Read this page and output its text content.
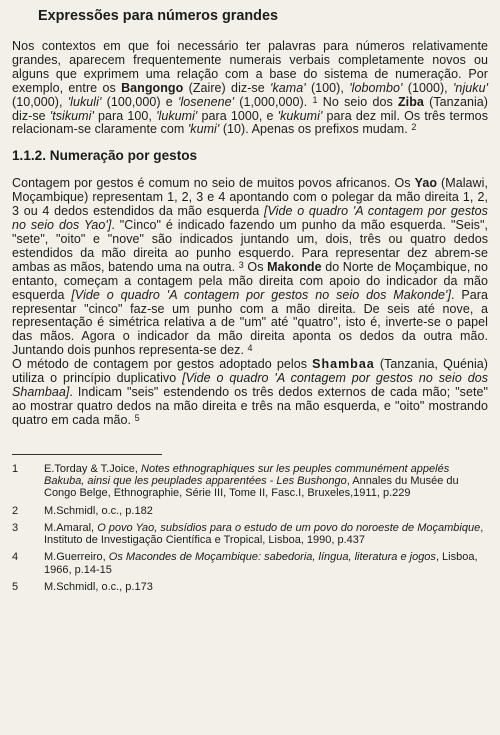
Expressões para números grandes

Nos contextos em que foi necessário ter palavras para números relativamente grandes, aparecem frequentemente numerais verbais completamente novos ou alguns que exprimem uma relação com a base do sistema de numeração. Por exemplo, entre os Bangongo (Zaire) diz-se 'kama' (100), 'lobombo' (1000), 'njuku' (10,000), 'lukuli' (100,000) e 'losenene' (1,000,000). $^1$ No seio dos Ziba (Tanzania) diz-se 'tsikumi' para 100, 'lukumi' para 1000, e 'kukumi' para dez mil. Os três termos relacionam-se claramente com 'kumi' (10). Apenas os prefixos mudam. $^2$

1.1.2. Numeração por gestos

Contagem por gestos é comum no seio de muitos povos africanos. Os Yao (Malawi, Moçambique) representam 1, 2, 3 e 4 apontando com o polegar da mão direita 1, 2, 3 ou 4 dedos estendidos da mão esquerda [Vide o quadro 'A contagem por gestos no seio dos Yao']. "Cinco" é indicado fazendo um punho da mão esquerda. "Seis", "sete", "oito" e "nove" são indicados juntando um, dois, três ou quatro dedos estendidos da mão direita ao punho esquerdo. Para representar dez abrem-se ambas as mãos, batendo uma na outra. $^3$ Os Makonde do Norte de Moçambique, no entanto, começam a contagem pela mão direita com apoio do indicador da mão esquerda [Vide o quadro 'A contagem por gestos no seio dos Makonde']. Para representar "cinco" faz-se um punho com a mão direita. De seis até nove, a representação é simétrica relativa a de "um" até "quatro", isto é, inverte-se o papel das mãos. Agora o indicador da mão direita aponta os dedos da outra mão. Juntando dois punhos representa-se dez. $^4$

O método de contagem por gestos adoptado pelos Shambaa (Tanzania, Quénia) utiliza o princípio duplicativo [Vide o quadro 'A contagem por gestos no seio dos Shambaa]. Indicam "seis" estendendo os três dedos externos de cada mão; "sete" ao mostrar quatro dedos na mão direita e três na mão esquerda, e "oito" mostrando quatro em cada mão. $^5$

1	E.Torday & T.Joice, Notes ethnographiques sur les peuples communément appelés Bakuba, ainsi que les peuplades apparentées - Les Bushongo, Annales du Musée du Congo Belge, Ethnographie, Série III, Tome II, Fasc.I, Bruxeles,1911, p.229
2	M.Schmidl, o.c., p.182
3	M.Amaral, O povo Yao, subsídios para o estudo de um povo do noroeste de Moçambique, Instituto de Investigação Científica e Tropical, Lisboa, 1990, p.437
4	M.Guerreiro, Os Macondes de Moçambique: sabedoria, língua, literatura e jogos, Lisboa, 1966, p.14-15
5	M.Schmidl, o.c., p.173
